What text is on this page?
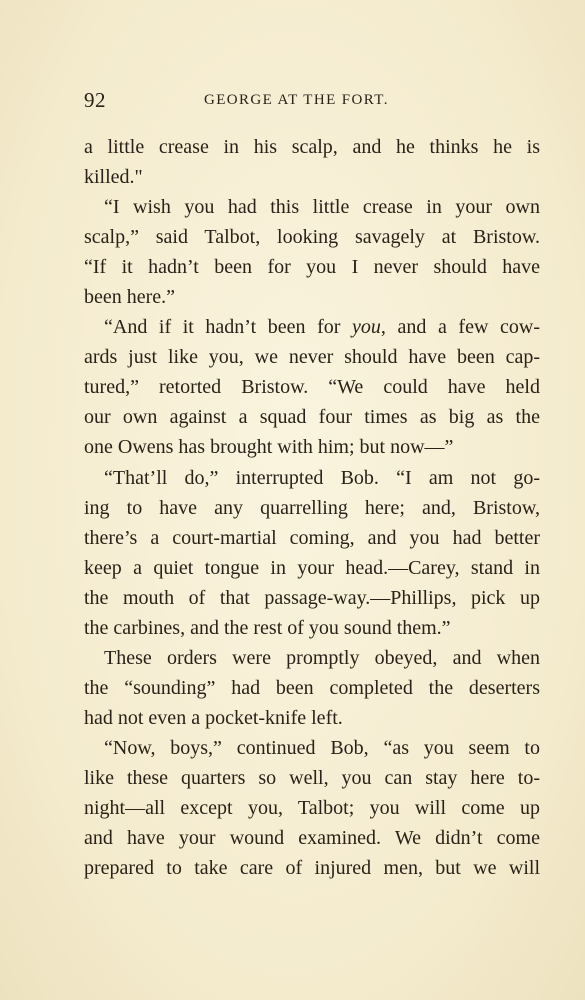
92	GEORGE AT THE FORT.
a little crease in his scalp, and he thinks he is
killed."
“I wish you had this little crease in your own
scalp,” said Talbot, looking savagely at Bristow.
“If it hadn’t been for you I never should have
been here.”
“And if it hadn’t been for you, and a few cow-
ards just like you, we never should have been cap-
tured,” retorted Bristow. “We could have held
our own against a squad four times as big as the
one Owens has brought with him; but now—”
“That’ll do,” interrupted Bob. “I am not go-
ing to have any quarrelling here; and, Bristow,
there’s a court-martial coming, and you had better
keep a quiet tongue in your head.—Carey, stand in
the mouth of that passage-way.—Phillips, pick up
the carbines, and the rest of you sound them.”
These orders were promptly obeyed, and when
the “sounding” had been completed the deserters
had not even a pocket-knife left.
“Now, boys,” continued Bob, “as you seem to
like these quarters so well, you can stay here to-
night—all except you, Talbot; you will come up
and have your wound examined. We didn’t come
prepared to take care of injured men, but we will
